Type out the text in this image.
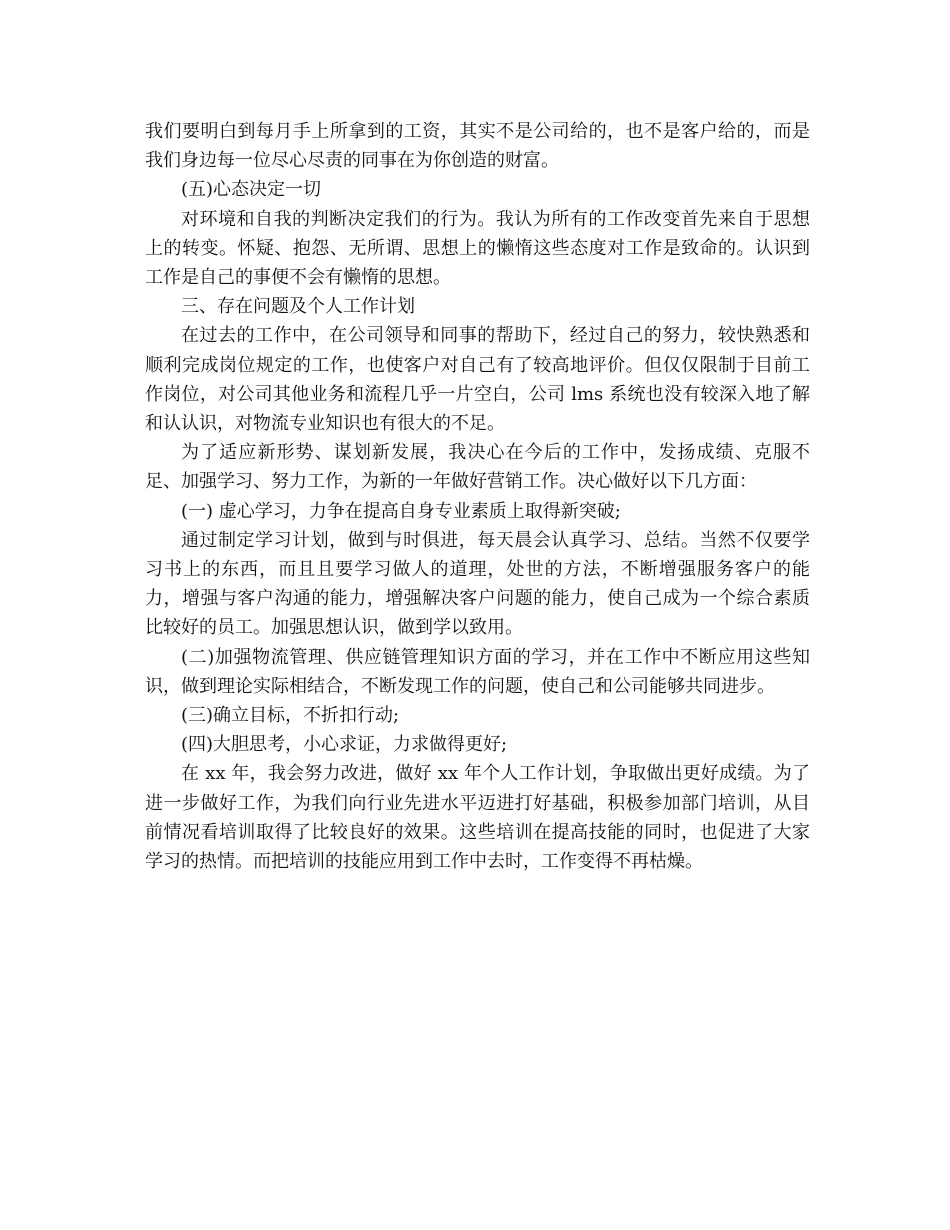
我们要明白到每月手上所拿到的工资，其实不是公司给的，也不是客户给的，而是我们身边每一位尽心尽责的同事在为你创造的财富。

(五)心态决定一切

对环境和自我的判断决定我们的行为。我认为所有的工作改变首先来自于思想上的转变。怀疑、抱怨、无所谓、思想上的懒惰这些态度对工作是致命的。认识到工作是自己的事便不会有懒惰的思想。

三、存在问题及个人工作计划

在过去的工作中，在公司领导和同事的帮助下，经过自己的努力，较快熟悉和顺利完成岗位规定的工作，也使客户对自己有了较高地评价。但仅仅限制于目前工作岗位，对公司其他业务和流程几乎一片空白，公司 lms 系统也没有较深入地了解和认认识，对物流专业知识也有很大的不足。

为了适应新形势、谋划新发展，我决心在今后的工作中，发扬成绩、克服不足、加强学习、努力工作，为新的一年做好营销工作。决心做好以下几方面：

(一) 虚心学习，力争在提高自身专业素质上取得新突破;

通过制定学习计划，做到与时俱进，每天晨会认真学习、总结。当然不仅要学习书上的东西，而且且要学习做人的道理，处世的方法，不断增强服务客户的能力，增强与客户沟通的能力，增强解决客户问题的能力，使自己成为一个综合素质比较好的员工。加强思想认识，做到学以致用。

(二)加强物流管理、供应链管理知识方面的学习，并在工作中不断应用这些知识，做到理论实际相结合，不断发现工作的问题，使自己和公司能够共同进步。

(三)确立目标，不折扣行动;

(四)大胆思考，小心求证，力求做得更好;

在 xx 年，我会努力改进，做好 xx 年个人工作计划，争取做出更好成绩。为了进一步做好工作，为我们向行业先进水平迈进打好基础，积极参加部门培训，从目前情况看培训取得了比较良好的效果。这些培训在提高技能的同时，也促进了大家学习的热情。而把培训的技能应用到工作中去时，工作变得不再枯燥。
